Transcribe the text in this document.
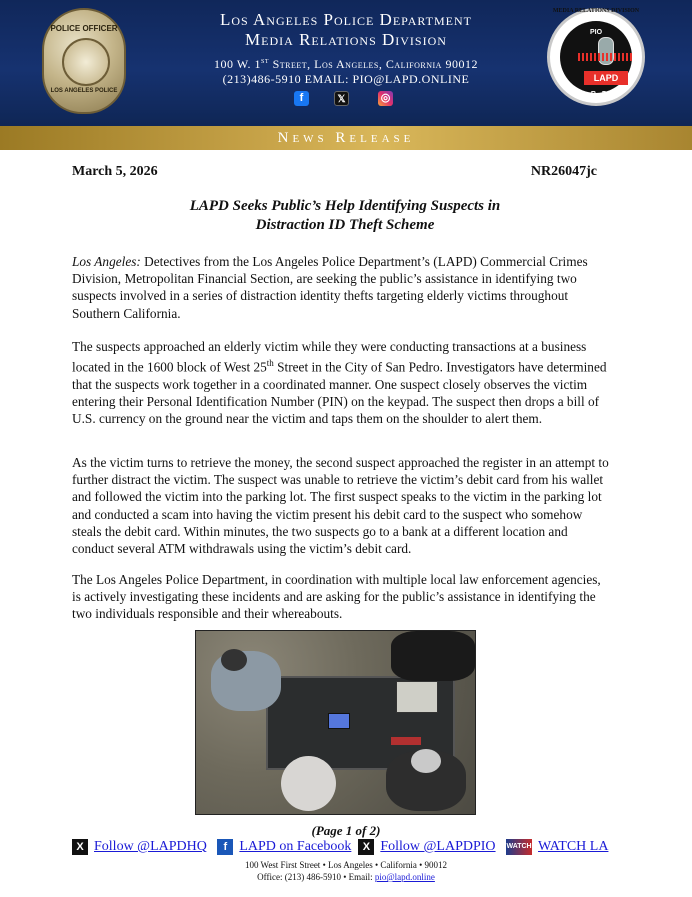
POLICE OFFICER
LOS ANGELES POLICE
Los Angeles Police Department
Media Relations Division
100 W. 1st Street, Los Angeles, California 90012
(213)486-5910 EMAIL: PIO@LAPD.ONLINE
f	𝕏	◎
PIO
LAPD
MRD
MEDIA RELATIONS DIVISION
News Release
March 5, 2026	NR26047jc
LAPD Seeks Public’s Help Identifying Suspects in
Distraction ID Theft Scheme
Los Angeles: Detectives from the Los Angeles Police Department’s (LAPD) Commercial Crimes Division, Metropolitan Financial Section, are seeking the public’s assistance in identifying two suspects involved in a series of distraction identity thefts targeting elderly victims throughout Southern California.
The suspects approached an elderly victim while they were conducting transactions at a business located in the 1600 block of West 25th Street in the City of San Pedro. Investigators have determined that the suspects work together in a coordinated manner. One suspect closely observes the victim entering their Personal Identification Number (PIN) on the keypad. The suspect then drops a bill of U.S. currency on the ground near the victim and taps them on the shoulder to alert them.
As the victim turns to retrieve the money, the second suspect approached the register in an attempt to further distract the victim. The suspect was unable to retrieve the victim’s debit card from his wallet and followed the victim into the parking lot. The first suspect speaks to the victim in the parking lot and conducted a scam into having the victim present his debit card to the suspect who somehow steals the debit card. Within minutes, the two suspects go to a bank at a different location and conduct several ATM withdrawals using the victim’s debit card.
The Los Angeles Police Department, in coordination with multiple local law enforcement agencies, is actively investigating these incidents and are asking for the public’s assistance in identifying the two individuals responsible and their whereabouts.
(Page 1 of 2)
X Follow @LAPDHQ f LAPD on Facebook X Follow @LAPDPIO WATCH WATCH LA
100 West First Street • Los Angeles • California • 90012
Office: (213) 486-5910 • Email: pio@lapd.online
